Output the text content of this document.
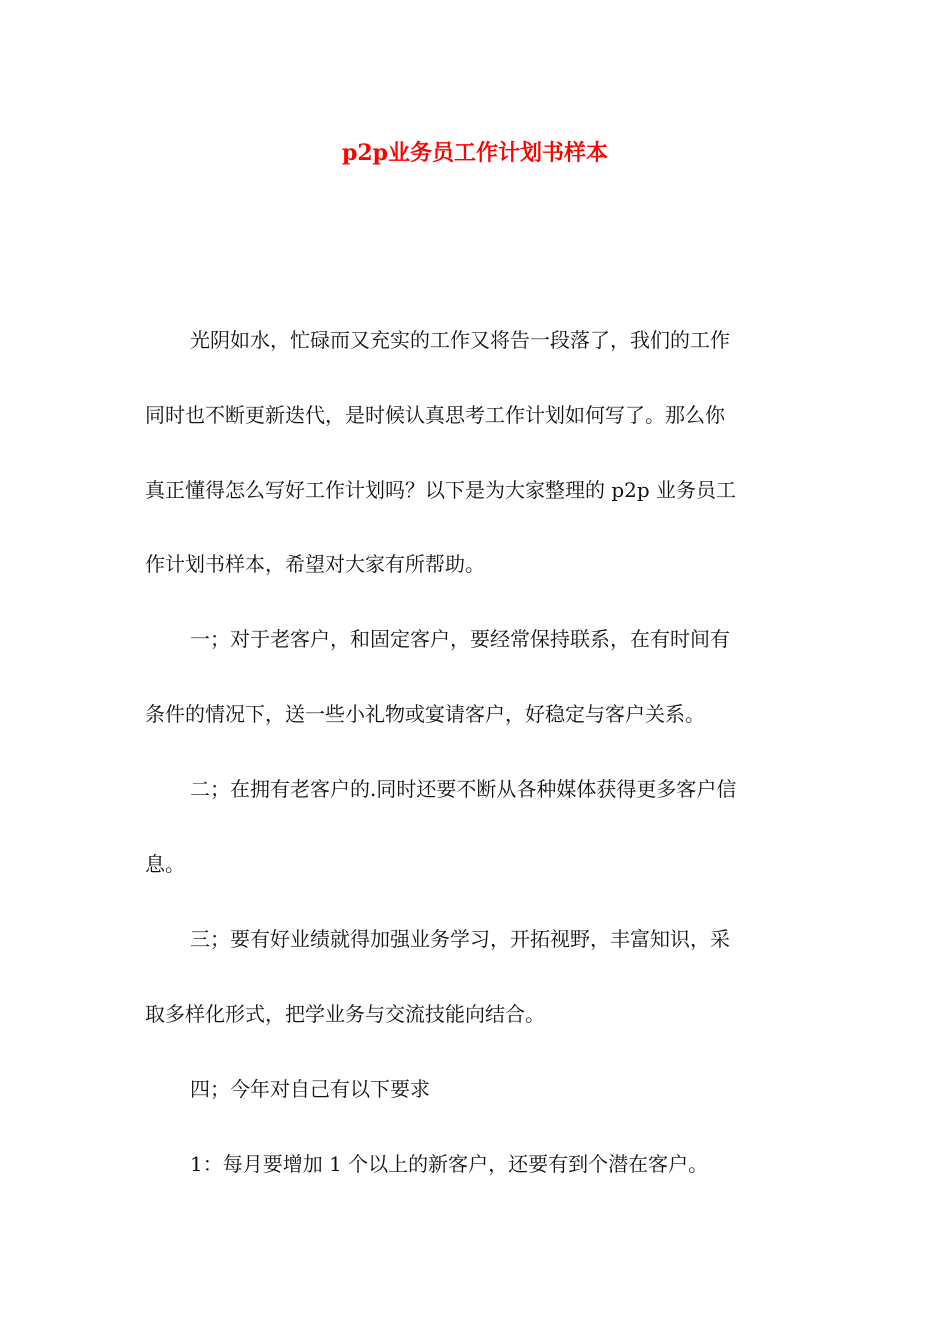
p2p业务员工作计划书样本
光阴如水，忙碌而又充实的工作又将告一段落了，我们的工作
同时也不断更新迭代，是时候认真思考工作计划如何写了。那么你
真正懂得怎么写好工作计划吗？以下是为大家整理的 p2p 业务员工
作计划书样本，希望对大家有所帮助。
一；对于老客户，和固定客户，要经常保持联系，在有时间有
条件的情况下，送一些小礼物或宴请客户，好稳定与客户关系。
二；在拥有老客户的.同时还要不断从各种媒体获得更多客户信
息。
三；要有好业绩就得加强业务学习，开拓视野，丰富知识，采
取多样化形式，把学业务与交流技能向结合。
四；今年对自己有以下要求
1：每月要增加 1 个以上的新客户，还要有到个潜在客户。
